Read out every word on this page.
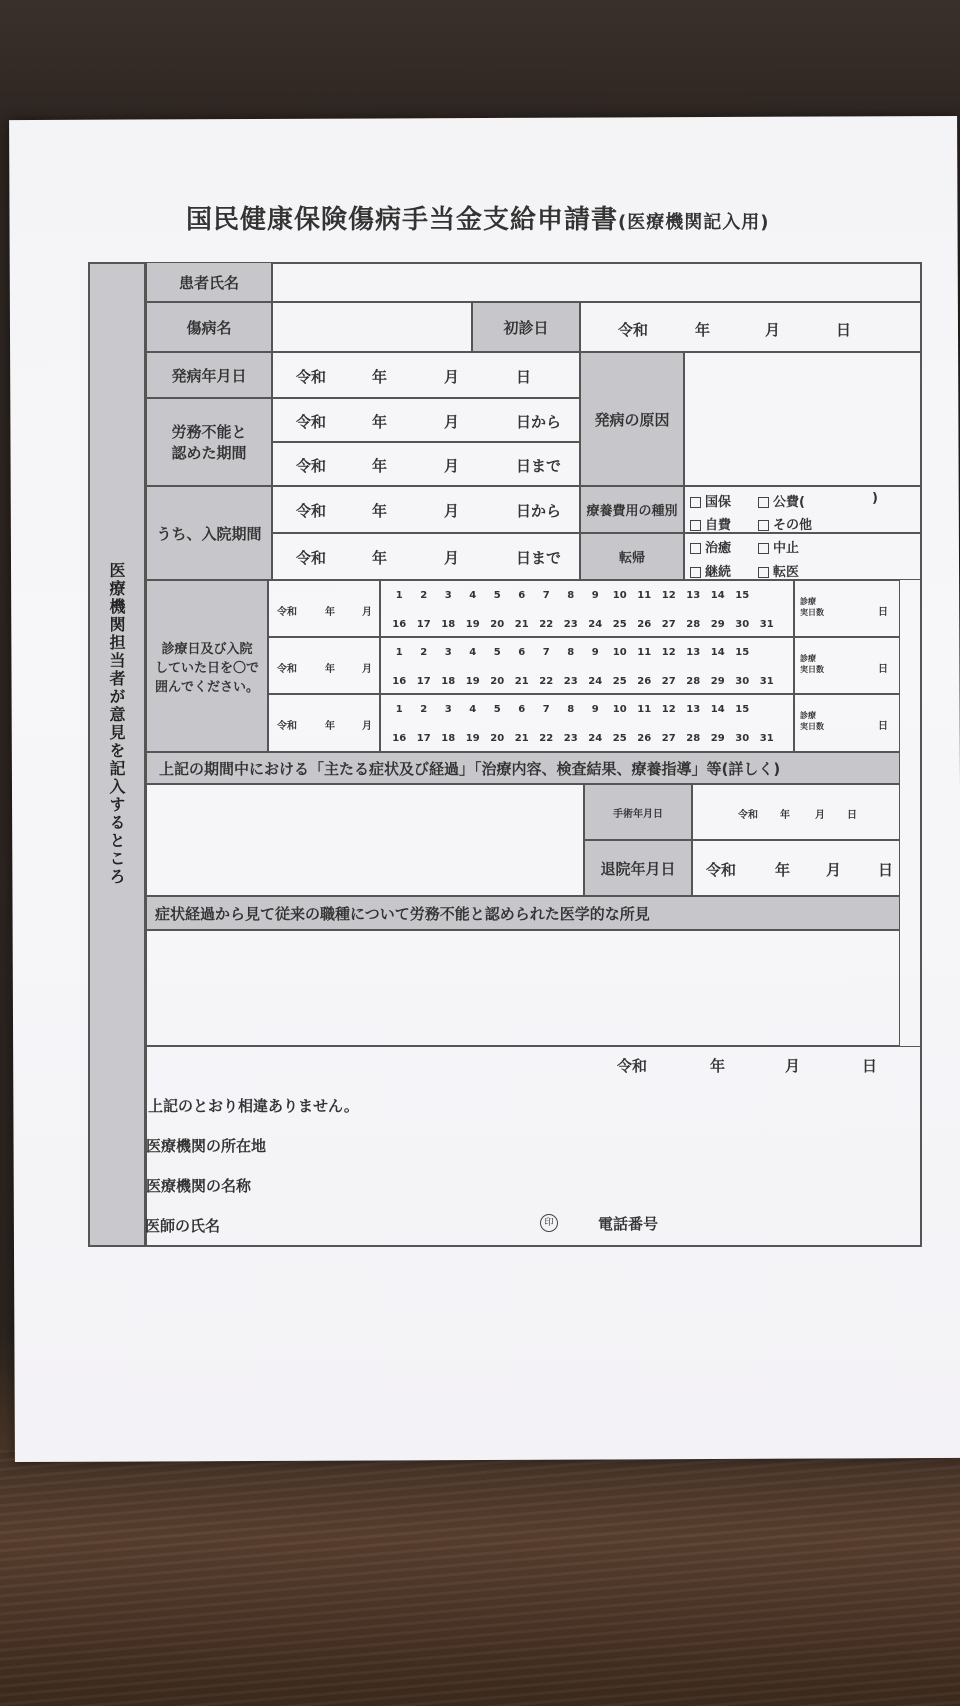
国民健康保険傷病手当金支給申請書(医療機関記入用)
医療機関担当者が意見を記入するところ
患者氏名
傷病名	初診日	令和	年	月	日
発病年月日	令和	年	月	日
発病の原因
労務不能と
認めた期間
令和	年	月	日から
令和	年	月	日まで
うち、入院期間
令和	年	月	日から
令和	年	月	日まで
療養費用の種別
国保	公費(	)
自費	その他
転帰
治癒	中止
継続	転医
診療日及び入院
していた日を〇で
囲んでください。
令和	年	月
1	2	3	4	5	6	7	8	9	10	11	12	13	14	15
16	17	18	19	20	21	22	23	24	25	26	27	28	29	30	31
診療
実日数	日
令和	年	月
1	2	3	4	5	6	7	8	9	10	11	12	13	14	15
16	17	18	19	20	21	22	23	24	25	26	27	28	29	30	31
診療
実日数	日
令和	年	月
1	2	3	4	5	6	7	8	9	10	11	12	13	14	15
16	17	18	19	20	21	22	23	24	25	26	27	28	29	30	31
診療
実日数	日
上記の期間中における「主たる症状及び経過」「治療内容、検査結果、療養指導」等(詳しく)
手術年月日	令和 年	月 日
退院年月日	令和	年 月 日
症状経過から見て従来の職種について労務不能と認められた医学的な所見
令和	年	月	日
上記のとおり相違ありません。
医療機関の所在地
医療機関の名称
医師の氏名	印	電話番号
